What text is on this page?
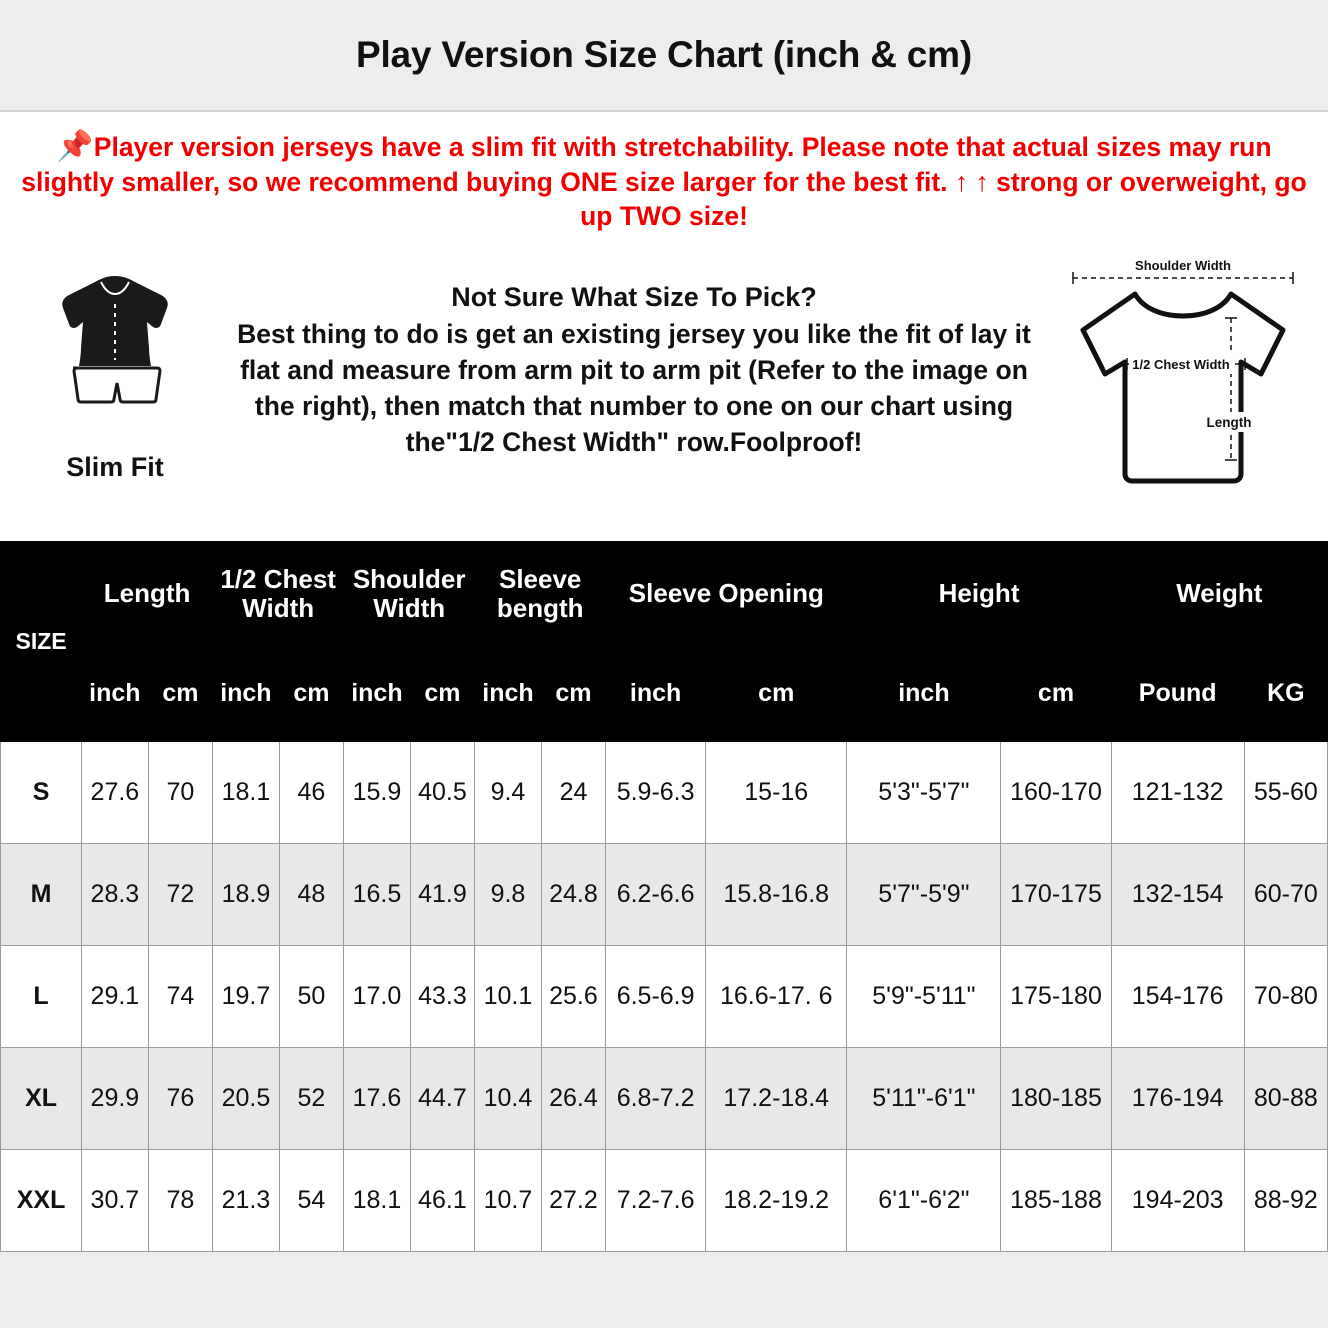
Play Version Size Chart (inch & cm)
📌Player version jerseys have a slim fit with stretchability. Please note that actual sizes may run slightly smaller, so we recommend buying ONE size larger for the best fit. ↑ ↑ strong or overweight, go up TWO size!
Slim Fit
Not Sure What Size To Pick?
Best thing to do is get an existing jersey you like the fit of lay it flat and measure from arm pit to arm pit (Refer to the image on the right), then match that number to one on our chart using the"1/2 Chest Width" row.Foolproof!
Shoulder Width
1/2 Chest Width
Length
SIZE	Length		1/2 Chest Width		Shoulder Width		Sleeve bength		Sleeve Opening		Height		Weight	
	inch	cm	inch	cm	inch	cm	inch	cm	inch	cm	inch	cm	Pound	KG
S	27.6	70	18.1	46	15.9	40.5	9.4	24	5.9-6.3	15-16	5'3"-5'7"	160-170	121-132	55-60
M	28.3	72	18.9	48	16.5	41.9	9.8	24.8	6.2-6.6	15.8-16.8	5'7"-5'9"	170-175	132-154	60-70
L	29.1	74	19.7	50	17.0	43.3	10.1	25.6	6.5-6.9	16.6-17. 6	5'9"-5'11"	175-180	154-176	70-80
XL	29.9	76	20.5	52	17.6	44.7	10.4	26.4	6.8-7.2	17.2-18.4	5'11"-6'1"	180-185	176-194	80-88
XXL	30.7	78	21.3	54	18.1	46.1	10.7	27.2	7.2-7.6	18.2-19.2	6'1"-6'2"	185-188	194-203	88-92
